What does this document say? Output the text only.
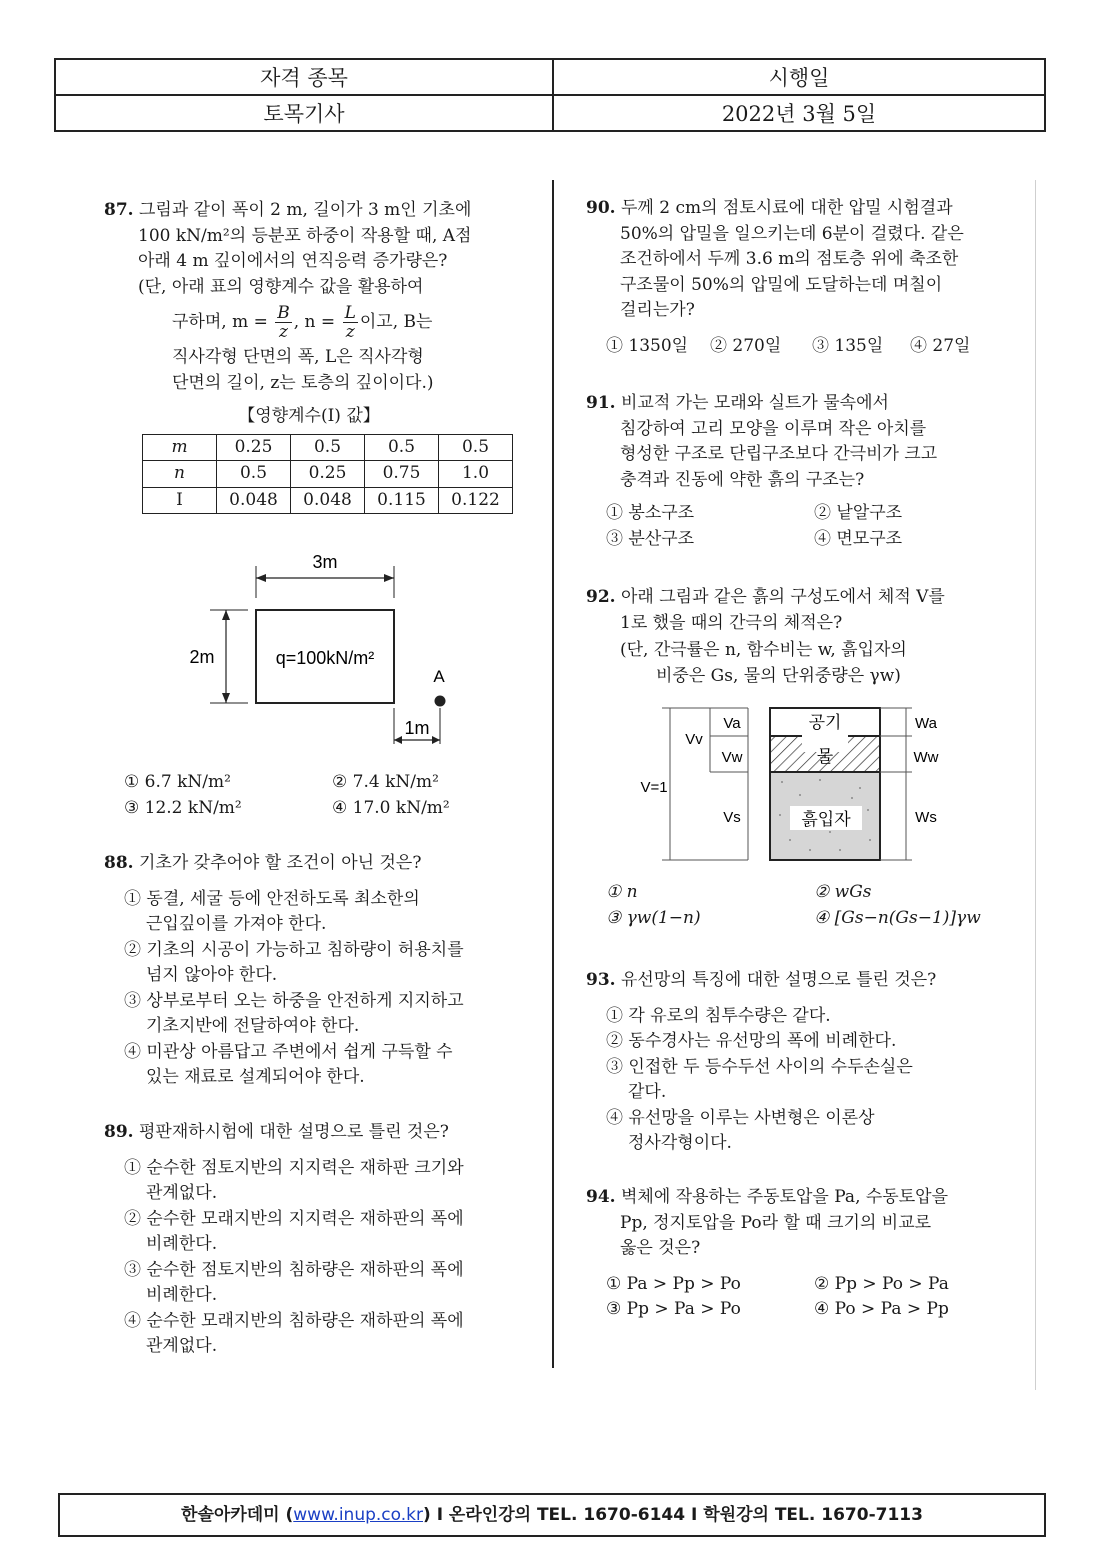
자격 종목	시행일
토목기사	2022년 3월 5일
87. 그림과 같이 폭이 2 m, 길이가 3 m인 기초에
100 kN/m²의 등분포 하중이 작용할 때, A점
아래 4 m 깊이에서의 연직응력 증가량은?
(단, 아래 표의 영향계수 값을 활용하여
구하며, $m = \frac{B}{z}$ , $n = \frac{L}{z}$ 이고, B는
직사각형 단면의 폭, L은 직사각형
단면의 길이, z는 토층의 깊이이다.)
【영향계수(I) 값】
m	0.25	0.5	0.5	0.5
n	0.5	0.25	0.75	1.0
I	0.048	0.048	0.115	0.122
3m
2m	q=100kN/m²
A
1m
① 6.7 kN/m²	② 7.4 kN/m²
③ 12.2 kN/m²	④ 17.0 kN/m²
88. 기초가 갖추어야 할 조건이 아닌 것은?
① 동결, 세굴 등에 안전하도록 최소한의
근입깊이를 가져야 한다.
② 기초의 시공이 가능하고 침하량이 허용치를
넘지 않아야 한다.
③ 상부로부터 오는 하중을 안전하게 지지하고
기초지반에 전달하여야 한다.
④ 미관상 아름답고 주변에서 쉽게 구득할 수
있는 재료로 설계되어야 한다.
89. 평판재하시험에 대한 설명으로 틀린 것은?
① 순수한 점토지반의 지지력은 재하판 크기와
관계없다.
② 순수한 모래지반의 지지력은 재하판의 폭에
비례한다.
③ 순수한 점토지반의 침하량은 재하판의 폭에
비례한다.
④ 순수한 모래지반의 침하량은 재하판의 폭에
관계없다.
90. 두께 2 cm의 점토시료에 대한 압밀 시험결과
50%의 압밀을 일으키는데 6분이 걸렸다. 같은
조건하에서 두께 3.6 m의 점토층 위에 축조한
구조물이 50%의 압밀에 도달하는데 며칠이
걸리는가?
① 1350일	② 270일	③ 135일	④ 27일
91. 비교적 가는 모래와 실트가 물속에서
침강하여 고리 모양을 이루며 작은 아치를
형성한 구조로 단립구조보다 간극비가 크고
충격과 진동에 약한 흙의 구조는?
① 봉소구조	② 낱알구조
③ 분산구조	④ 면모구조
92. 아래 그림과 같은 흙의 구성도에서 체적 V를
1로 했을 때의 간극의 체적은?
(단, 간극률은 n, 함수비는 w, 흙입자의
비중은 Gs, 물의 단위중량은 γw)
Va
Vw
Vv
Vs
V=1
공기
물
흙입자
Wa
Ww
Ws
① n	② wGs
③ γw(1−n)	④ [Gs−n(Gs−1)]γw
93. 유선망의 특징에 대한 설명으로 틀린 것은?
① 각 유로의 침투수량은 같다.
② 동수경사는 유선망의 폭에 비례한다.
③ 인접한 두 등수두선 사이의 수두손실은
같다.
④ 유선망을 이루는 사변형은 이론상
정사각형이다.
94. 벽체에 작용하는 주동토압을 Pa, 수동토압을
Pp, 정지토압을 Po라 할 때 크기의 비교로
옳은 것은?
① Pa > Pp > Po	② Pp > Po > Pa
③ Pp > Pa > Po	④ Po > Pa > Pp
한솔아카데미 (www.inup.co.kr) I 온라인강의 TEL. 1670-6144 I 학원강의 TEL. 1670-7113
